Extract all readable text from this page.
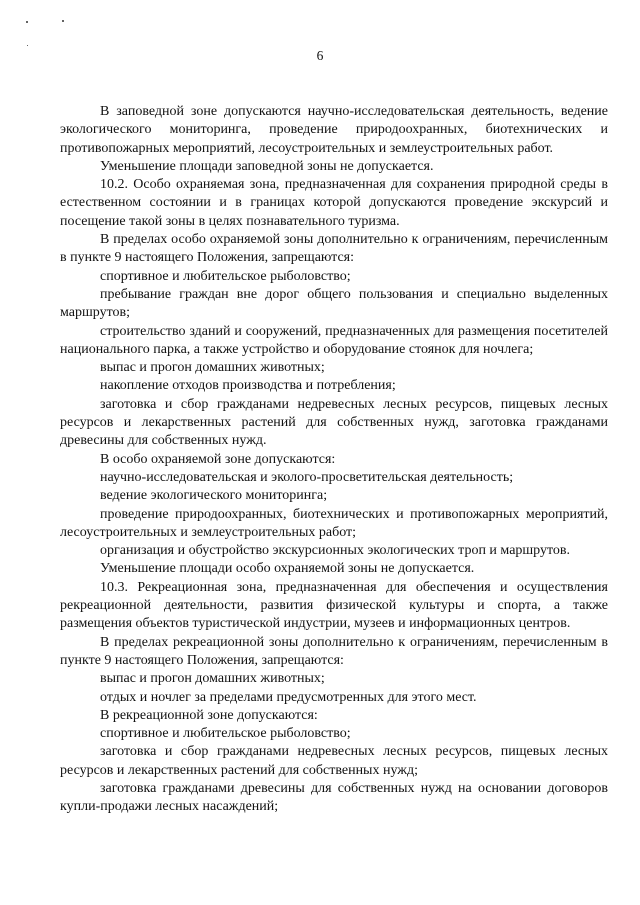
6

В заповедной зоне допускаются научно-исследовательская деятельность, ведение экологического мониторинга, проведение природоохранных, биотехнических и противопожарных мероприятий, лесоустроительных и землеустроительных работ.

Уменьшение площади заповедной зоны не допускается.

10.2. Особо охраняемая зона, предназначенная для сохранения природной среды в естественном состоянии и в границах которой допускаются проведение экскурсий и посещение такой зоны в целях познавательного туризма.

В пределах особо охраняемой зоны дополнительно к ограничениям, перечисленным в пункте 9 настоящего Положения, запрещаются:

спортивное и любительское рыболовство;

пребывание граждан вне дорог общего пользования и специально выделенных маршрутов;

строительство зданий и сооружений, предназначенных для размещения посетителей национального парка, а также устройство и оборудование стоянок для ночлега;

выпас и прогон домашних животных;

накопление отходов производства и потребления;

заготовка и сбор гражданами недревесных лесных ресурсов, пищевых лесных ресурсов и лекарственных растений для собственных нужд, заготовка гражданами древесины для собственных нужд.

В особо охраняемой зоне допускаются:

научно-исследовательская и эколого-просветительская деятельность;

ведение экологического мониторинга;

проведение природоохранных, биотехнических и противопожарных мероприятий, лесоустроительных и землеустроительных работ;

организация и обустройство экскурсионных экологических троп и маршрутов.

Уменьшение площади особо охраняемой зоны не допускается.

10.3. Рекреационная зона, предназначенная для обеспечения и осуществления рекреационной деятельности, развития физической культуры и спорта, а также размещения объектов туристической индустрии, музеев и информационных центров.

В пределах рекреационной зоны дополнительно к ограничениям, перечисленным в пункте 9 настоящего Положения, запрещаются:

выпас и прогон домашних животных;

отдых и ночлег за пределами предусмотренных для этого мест.

В рекреационной зоне допускаются:

спортивное и любительское рыболовство;

заготовка и сбор гражданами недревесных лесных ресурсов, пищевых лесных ресурсов и лекарственных растений для собственных нужд;

заготовка гражданами древесины для собственных нужд на основании договоров купли-продажи лесных насаждений;
